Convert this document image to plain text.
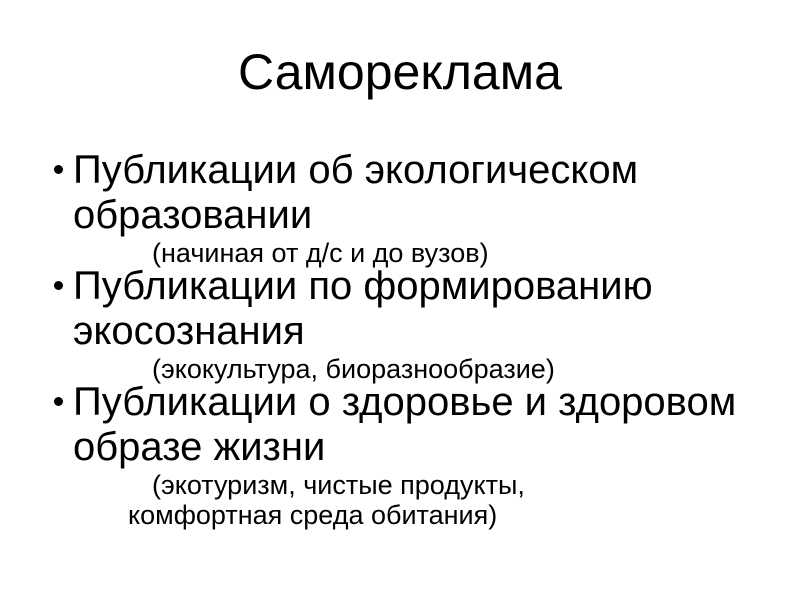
Самореклама
Публикации об экологическом
образовании
(начиная от д/с и до вузов)
Публикации по формированию
экосознания
(экокультура, биоразнообразие)
Публикации о здоровье и здоровом
образе жизни
(экотуризм, чистые продукты,
комфортная среда обитания)
